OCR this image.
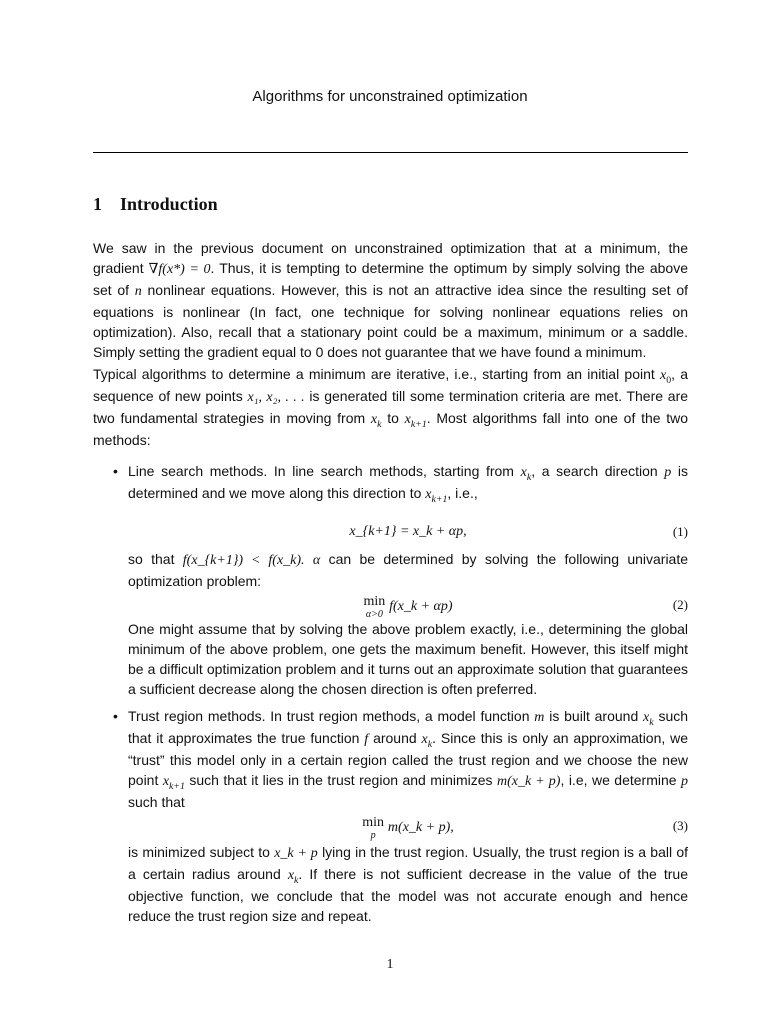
Algorithms for unconstrained optimization
1 Introduction
We saw in the previous document on unconstrained optimization that at a minimum, the gradient ∇f(x*) = 0. Thus, it is tempting to determine the optimum by simply solving the above set of n nonlinear equations. However, this is not an attractive idea since the resulting set of equations is nonlinear (In fact, one technique for solving nonlinear equations relies on optimization). Also, recall that a stationary point could be a maximum, minimum or a saddle. Simply setting the gradient equal to 0 does not guarantee that we have found a minimum.
Typical algorithms to determine a minimum are iterative, i.e., starting from an initial point $x_0$, a sequence of new points x₁, x₂, . . . is generated till some termination criteria are met. There are two fundamental strategies in moving from $x_k$ to $x_{k+1}$. Most algorithms fall into one of the two methods:
• Line search methods. In line search methods, starting from $x_k$, a search direction p is determined and we move along this direction to $x_{k+1}$, i.e.,
x_{k+1} = x_k + αp,	(1)
so that f(x_{k+1}) < f(x_k). α can be determined by solving the following univariate optimization problem:
min
α>0
f(x_k + αp)	(2)
One might assume that by solving the above problem exactly, i.e., determining the global minimum of the above problem, one gets the maximum benefit. However, this itself might be a difficult optimization problem and it turns out an approximate solution that guarantees a sufficient decrease along the chosen direction is often preferred.
• Trust region methods. In trust region methods, a model function m is built around $x_k$ such that it approximates the true function f around $x_k$. Since this is only an approximation, we “trust” this model only in a certain region called the trust region and we choose the new point $x_{k+1}$ such that it lies in the trust region and minimizes m(x_k + p), i.e, we determine p such that
min
p
m(x_k + p),	(3)
is minimized subject to x_k + p lying in the trust region. Usually, the trust region is a ball of a certain radius around $x_k$. If there is not sufficient decrease in the value of the true objective function, we conclude that the model was not accurate enough and hence reduce the trust region size and repeat.
1
